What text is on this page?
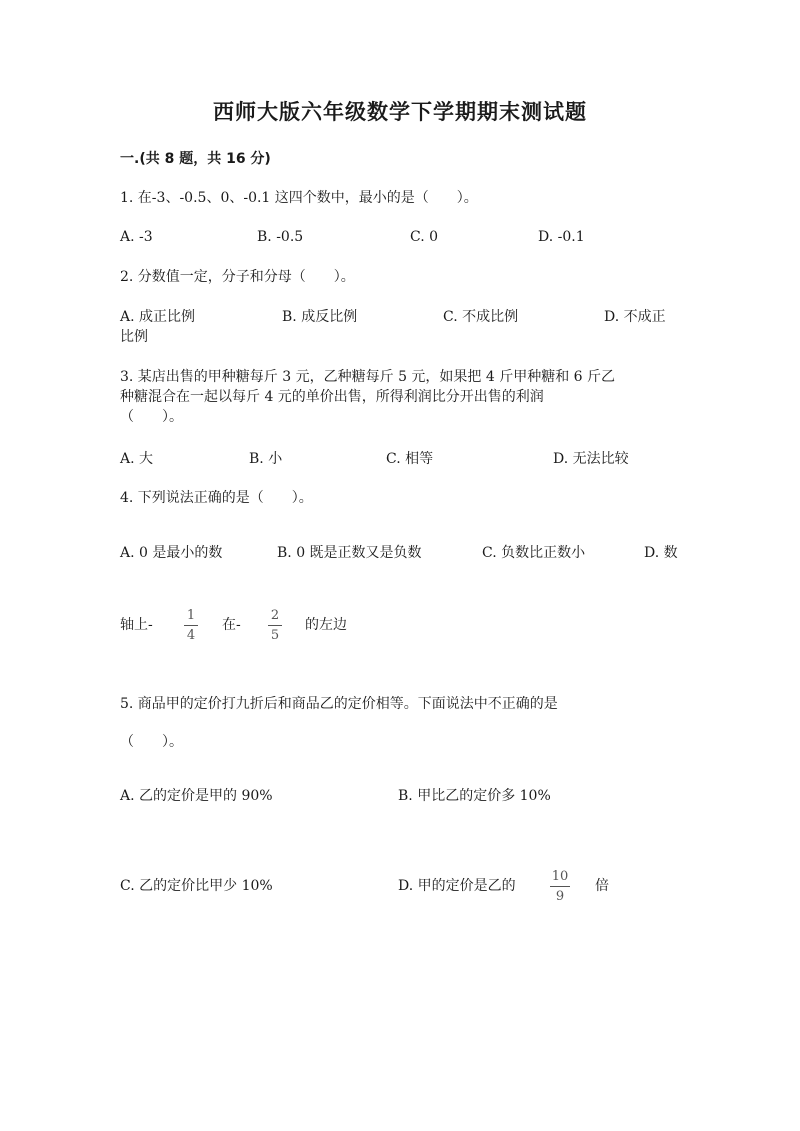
西师大版六年级数学下学期期末测试题
一.(共 8 题，共 16 分)
1. 在-3、-0.5、0、-0.1 这四个数中，最小的是（　　）。
A. -3	B. -0.5	C. 0	D. -0.1
2. 分数值一定，分子和分母（　　）。
A. 成正比例	B. 成反比例	C. 不成比例	D. 不成正
比例
3. 某店出售的甲种糖每斤 3 元，乙种糖每斤 5 元，如果把 4 斤甲种糖和 6 斤乙
种糖混合在一起以每斤 4 元的单价出售，所得利润比分开出售的利润
（　　）。
A. 大	B. 小	C. 相等	D. 无法比较
4. 下列说法正确的是（　　）。
A. 0 是最小的数	B. 0 既是正数又是负数	C. 负数比正数小	D. 数
轴上-
1
4
在-
2
5
的左边
5. 商品甲的定价打九折后和商品乙的定价相等。下面说法中不正确的是
（　　）。
A. 乙的定价是甲的 90%	B. 甲比乙的定价多 10%
C. 乙的定价比甲少 10%	D. 甲的定价是乙的
10
9
倍
